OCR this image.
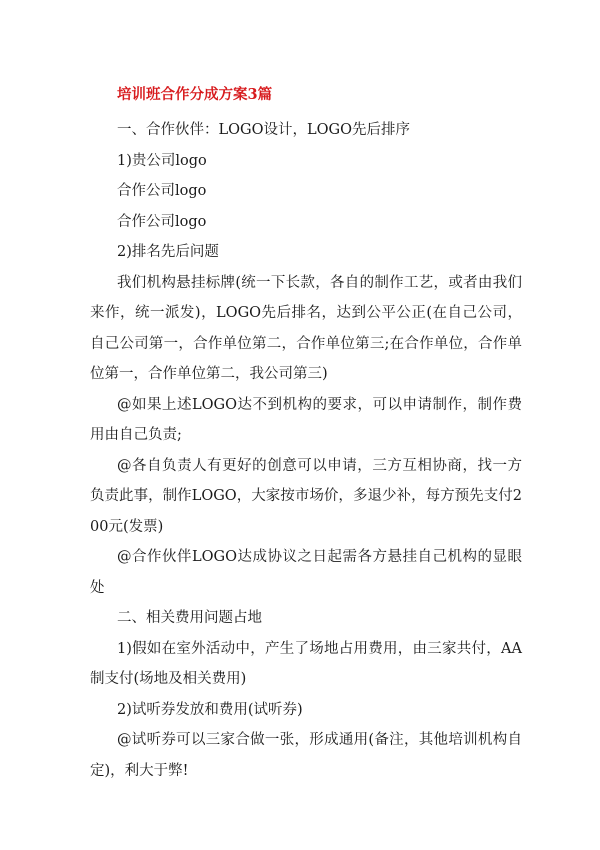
培训班合作分成方案3篇

一、合作伙伴：LOGO设计，LOGO先后排序

1)贵公司logo

合作公司logo

合作公司logo

2)排名先后问题

我们机构悬挂标牌(统一下长款，各自的制作工艺，或者由我们来作，统一派发)，LOGO先后排名，达到公平公正(在自己公司，自己公司第一，合作单位第二，合作单位第三;在合作单位，合作单位第一，合作单位第二，我公司第三)

@如果上述LOGO达不到机构的要求，可以申请制作，制作费用由自己负责;

@各自负责人有更好的创意可以申请，三方互相协商，找一方负责此事，制作LOGO，大家按市场价，多退少补，每方预先支付200元(发票)

@合作伙伴LOGO达成协议之日起需各方悬挂自己机构的显眼处

二、相关费用问题占地

1)假如在室外活动中，产生了场地占用费用，由三家共付，AA制支付(场地及相关费用)

2)试听券发放和费用(试听券)

@试听券可以三家合做一张，形成通用(备注，其他培训机构自定)，利大于弊!
